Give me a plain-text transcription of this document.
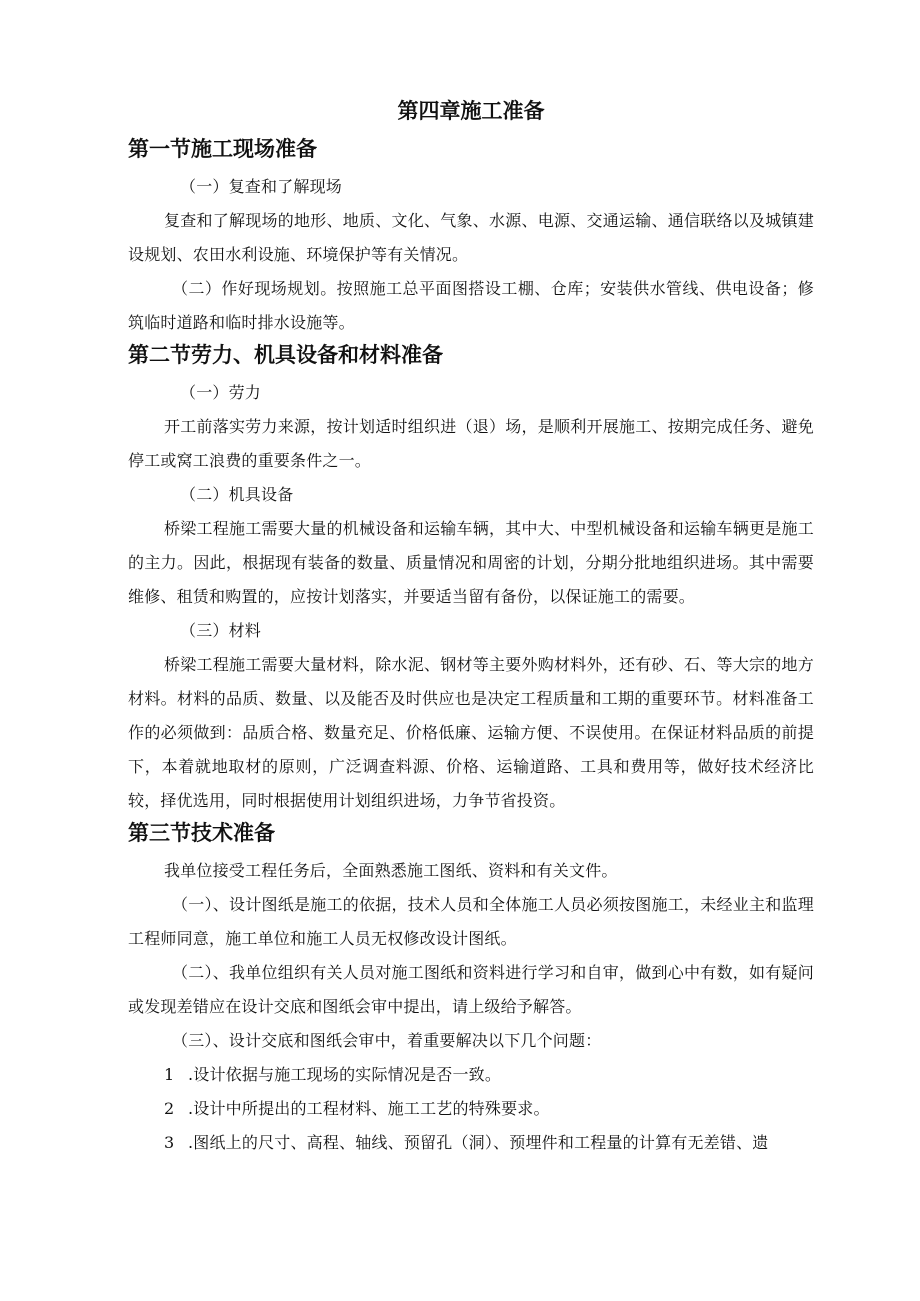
第四章施工准备
第一节施工现场准备

（一）复查和了解现场

复查和了解现场的地形、地质、文化、气象、水源、电源、交通运输、通信联络以及城镇建设规划、农田水利设施、环境保护等有关情况。

（二）作好现场规划。按照施工总平面图搭设工棚、仓库；安装供水管线、供电设备；修筑临时道路和临时排水设施等。

第二节劳力、机具设备和材料准备

（一）劳力

开工前落实劳力来源，按计划适时组织进（退）场，是顺利开展施工、按期完成任务、避免停工或窝工浪费的重要条件之一。

（二）机具设备

桥梁工程施工需要大量的机械设备和运输车辆，其中大、中型机械设备和运输车辆更是施工的主力。因此，根据现有装备的数量、质量情况和周密的计划，分期分批地组织进场。其中需要维修、租赁和购置的，应按计划落实，并要适当留有备份，以保证施工的需要。

（三）材料

桥梁工程施工需要大量材料，除水泥、钢材等主要外购材料外，还有砂、石、等大宗的地方材料。材料的品质、数量、以及能否及时供应也是决定工程质量和工期的重要环节。材料准备工作的必须做到：品质合格、数量充足、价格低廉、运输方便、不误使用。在保证材料品质的前提下，本着就地取材的原则，广泛调查料源、价格、运输道路、工具和费用等，做好技术经济比较，择优选用，同时根据使用计划组织进场，力争节省投资。

第三节技术准备

我单位接受工程任务后，全面熟悉施工图纸、资料和有关文件。

（一）、设计图纸是施工的依据，技术人员和全体施工人员必须按图施工，未经业主和监理工程师同意，施工单位和施工人员无权修改设计图纸。

（二）、我单位组织有关人员对施工图纸和资料进行学习和自审，做到心中有数，如有疑问或发现差错应在设计交底和图纸会审中提出，请上级给予解答。

（三）、设计交底和图纸会审中，着重要解决以下几个问题：

1 .设计依据与施工现场的实际情况是否一致。

2 .设计中所提出的工程材料、施工工艺的特殊要求。

3 .图纸上的尺寸、高程、轴线、预留孔（洞）、预埋件和工程量的计算有无差错、遗
